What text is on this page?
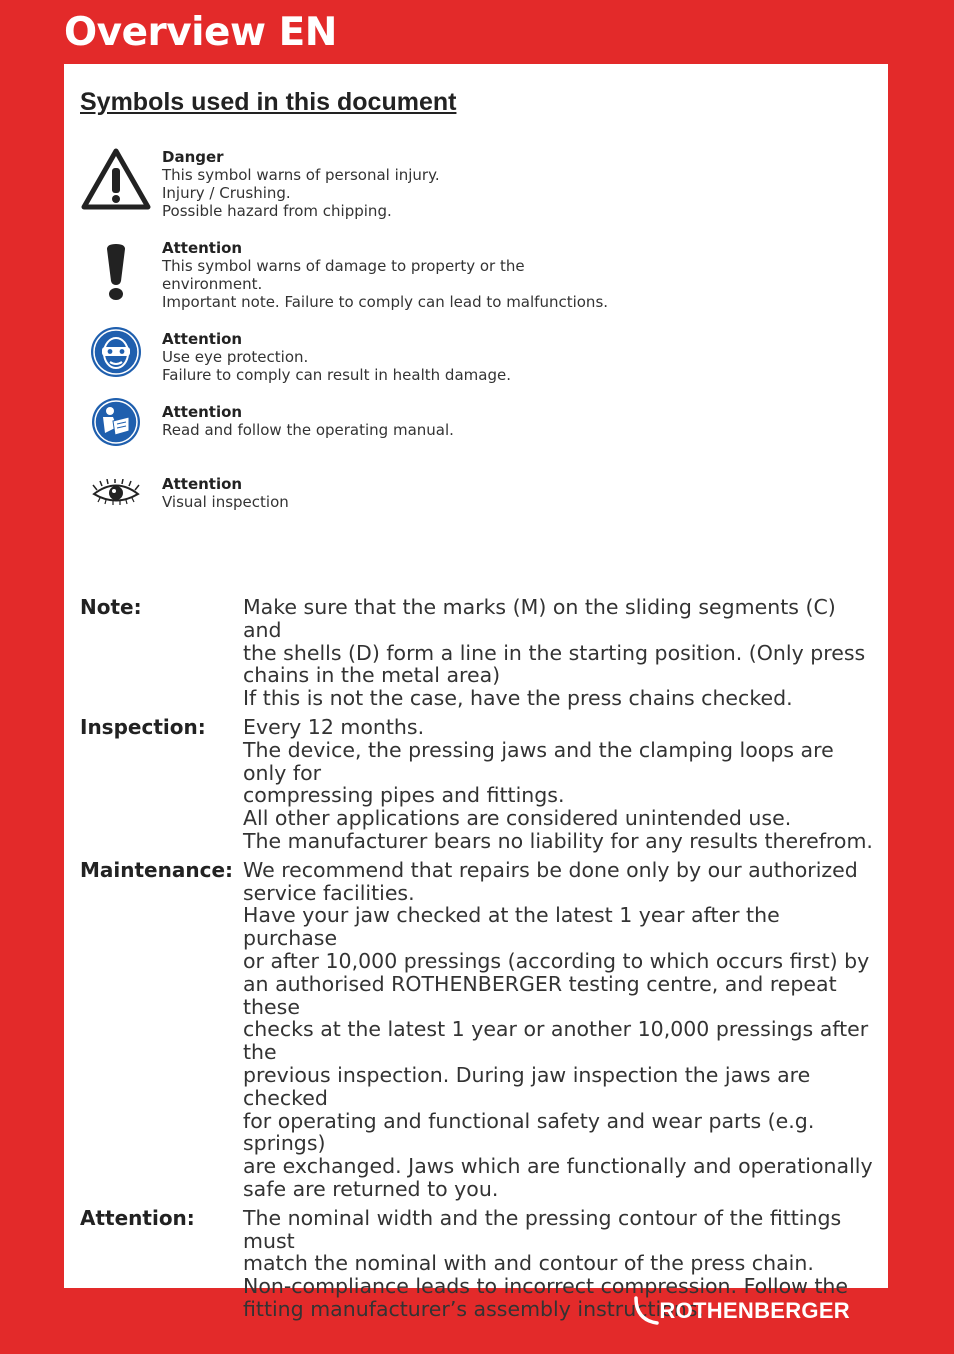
Overview EN
Symbols used in this document
Danger
This symbol warns of personal injury.
Injury / Crushing.
Possible hazard from chipping.
Attention
This symbol warns of damage to property or the
environment.
Important note. Failure to comply can lead to malfunctions.
Attention
Use eye protection.
Failure to comply can result in health damage.
Attention
Read and follow the operating manual.
Attention
Visual inspection
Note:	Make sure that the marks (M) on the sliding segments (C) and
the shells (D) form a line in the starting position. (Only press
chains in the metal area)
If this is not the case, have the press chains checked.
Inspection: Every 12 months.
The device, the pressing jaws and the clamping loops are only for
compressing pipes and fittings.
All other applications are considered unintended use.
The manufacturer bears no liability for any results therefrom.
Maintenance: We recommend that repairs be done only by our authorized
service facilities.
Have your jaw checked at the latest 1 year after the purchase
or after 10,000 pressings (according to which occurs first) by
an authorised ROTHENBERGER testing centre, and repeat these
checks at the latest 1 year or another 10,000 pressings after the
previous inspection. During jaw inspection the jaws are checked
for operating and functional safety and wear parts (e.g. springs)
are exchanged. Jaws which are functionally and operationally
safe are returned to you.
Attention: The nominal width and the pressing contour of the fittings must
match the nominal with and contour of the press chain.
Non-compliance leads to incorrect compression. Follow the
fitting manufacturer’s assembly instructions.
ROTHENBERGER
